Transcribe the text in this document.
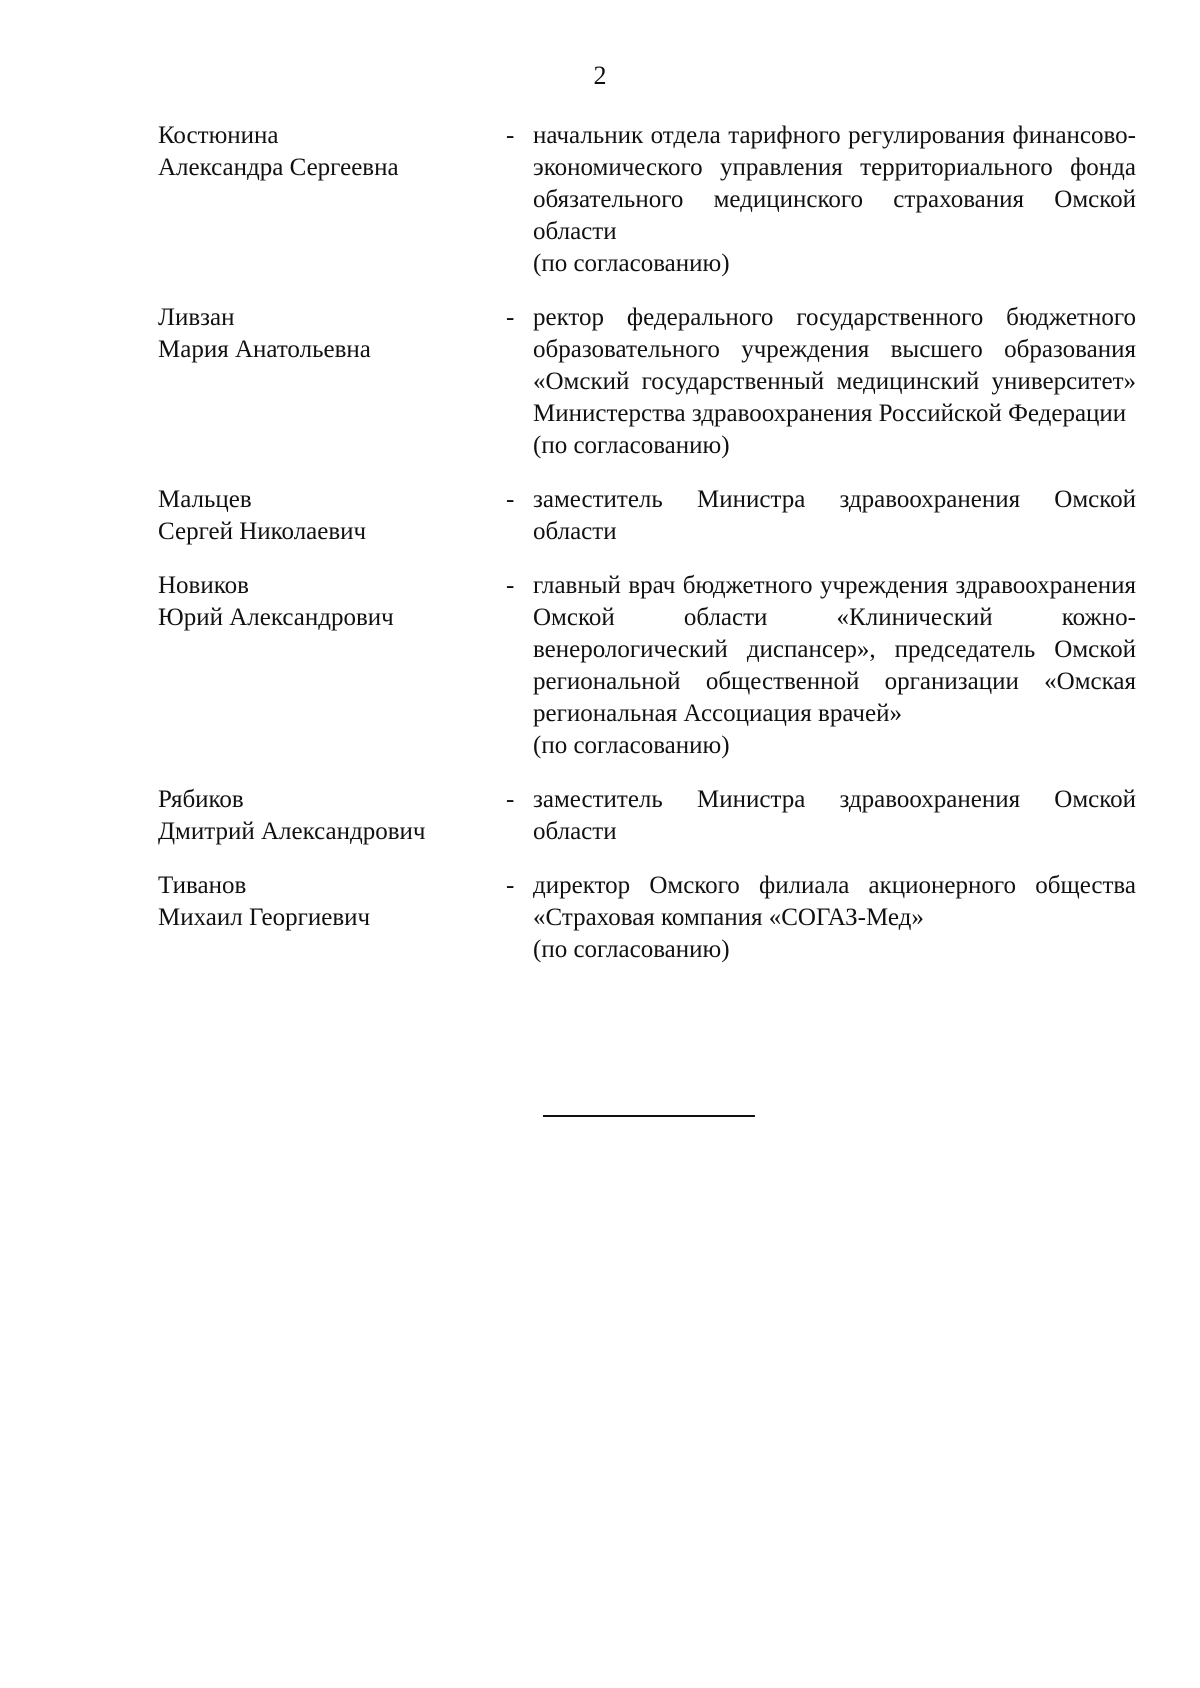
2
Костюнина
Александра Сергеевна
- начальник отдела тарифного регулирования финансово-экономического управления территориального фонда обязательного медицинского страхования Омской области
(по согласованию)
Ливзан
Мария Анатольевна
- ректор федерального государственного бюджетного образовательного учреждения высшего образования «Омский государственный медицинский университет» Министерства здравоохранения Российской Федерации
(по согласованию)
Мальцев
Сергей Николаевич
- заместитель Министра здравоохранения Омской области
Новиков
Юрий Александрович
- главный врач бюджетного учреждения здравоохранения Омской области «Клинический кожно-венерологический диспансер», председатель Омской региональной общественной организации «Омская региональная Ассоциация врачей»
(по согласованию)
Рябиков
Дмитрий Александрович
- заместитель Министра здравоохранения Омской области
Тиванов
Михаил Георгиевич
- директор Омского филиала акционерного общества «Страховая компания «СОГАЗ-Мед»
(по согласованию)
